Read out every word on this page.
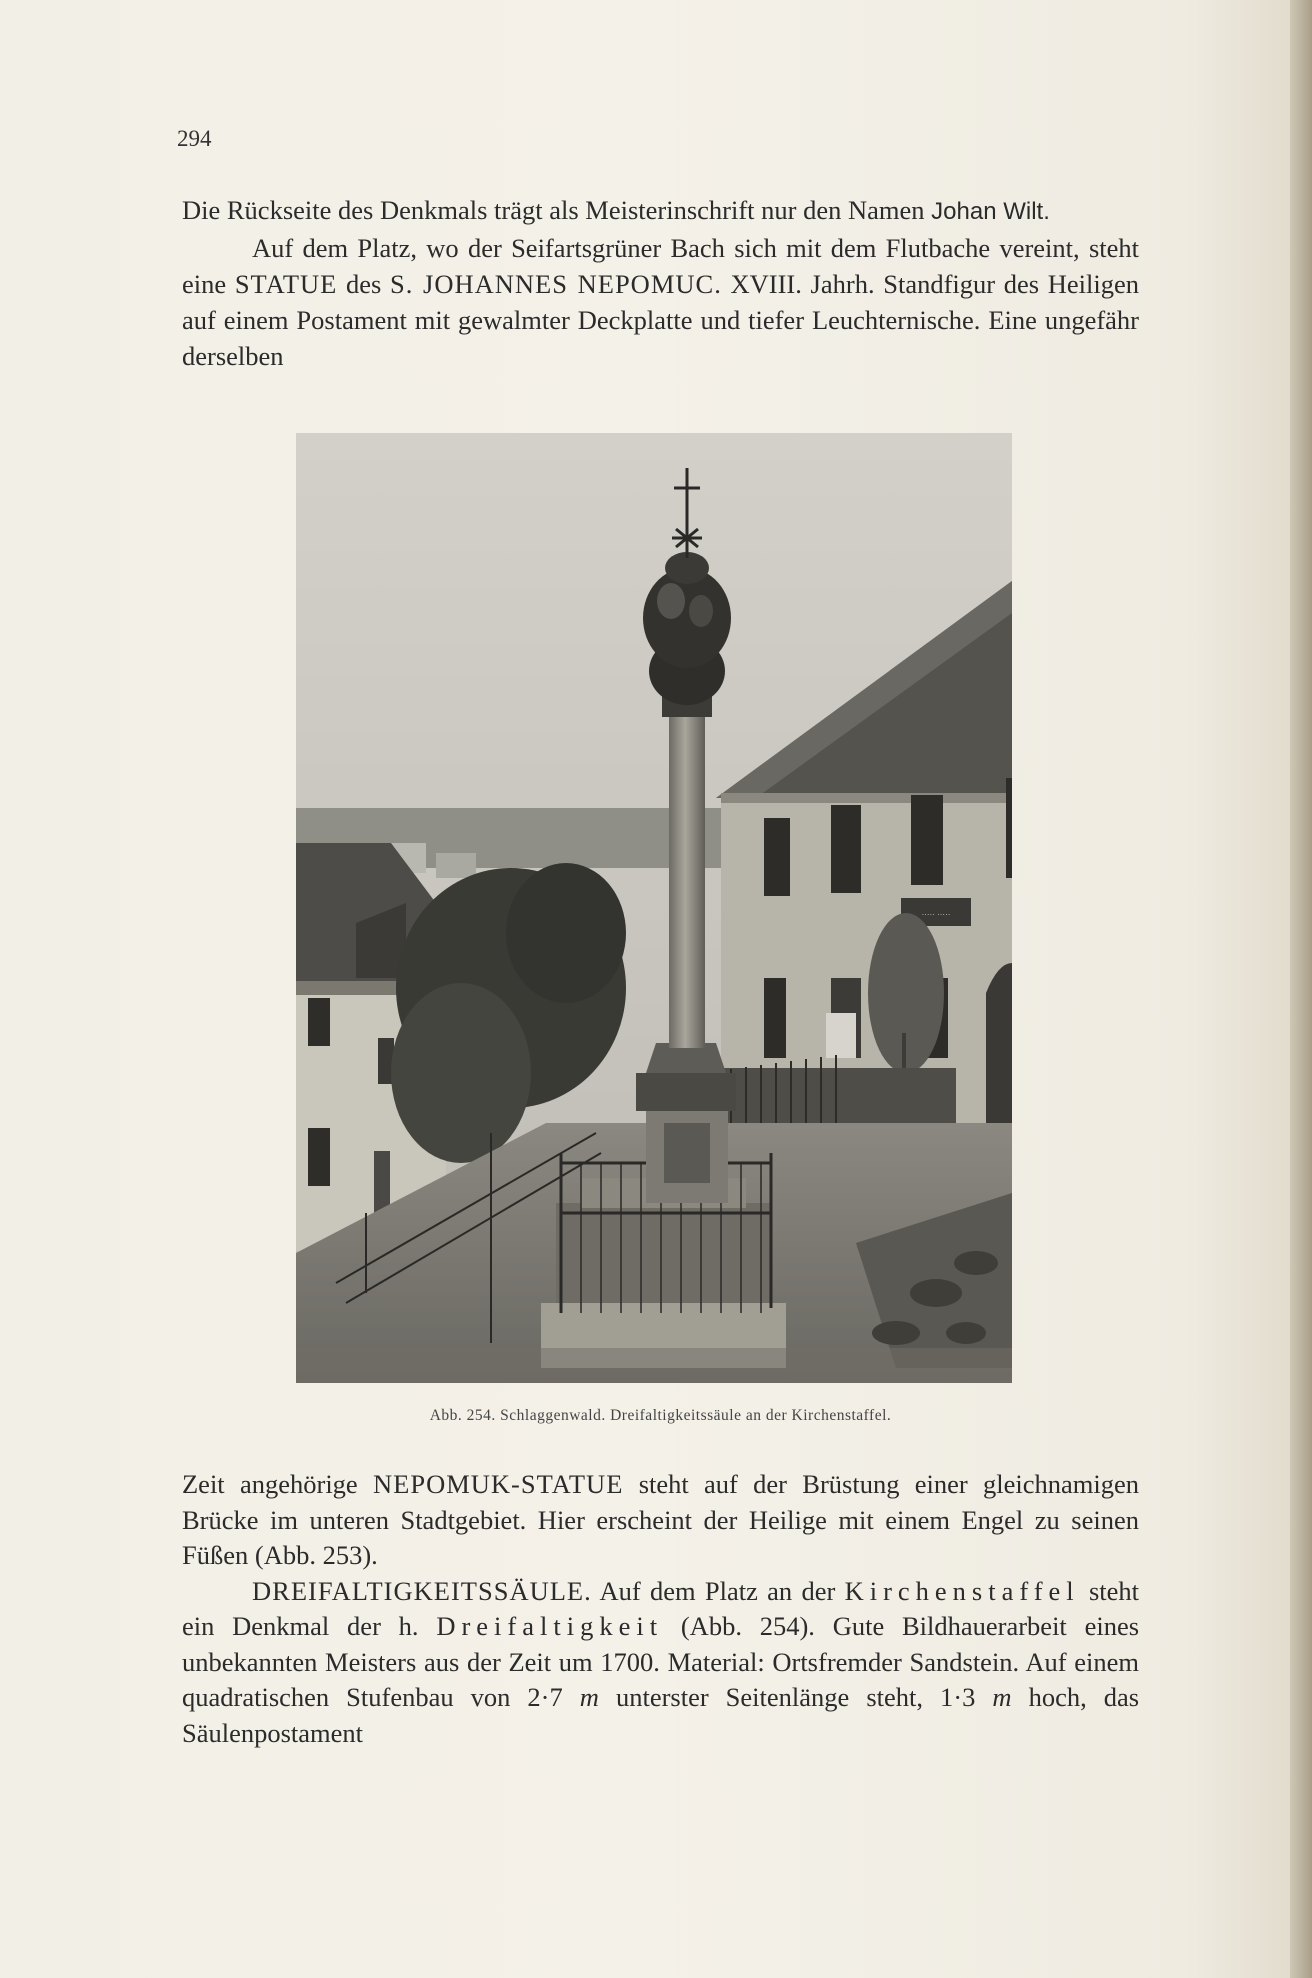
294

Die Rückseite des Denkmals trägt als Meisterinschrift nur den Namen Johan Wilt.

Auf dem Platz, wo der Seifartsgrüner Bach sich mit dem Flutbache vereint, steht eine STATUE des S. JOHANNES NEPOMUC. XVIII. Jahrh. Standfigur des Heiligen auf einem Postament mit gewalmter Deckplatte und tiefer Leuchternische. Eine ungefähr derselben

····· ·····
Abb. 254. Schlaggenwald. Dreifaltigkeitssäule an der Kirchenstaffel.

Zeit angehörige NEPOMUK-STATUE steht auf der Brüstung einer gleichnamigen Brücke im unteren Stadtgebiet. Hier erscheint der Heilige mit einem Engel zu seinen Füßen (Abb. 253).

DREIFALTIGKEITSSÄULE. Auf dem Platz an der Kirchenstaffel steht ein Denkmal der h. Dreifaltigkeit (Abb. 254). Gute Bildhauerarbeit eines unbekannten Meisters aus der Zeit um 1700. Material: Ortsfremder Sandstein. Auf einem quadratischen Stufenbau von 2·7 m unterster Seitenlänge steht, 1·3 m hoch, das Säulenpostament
